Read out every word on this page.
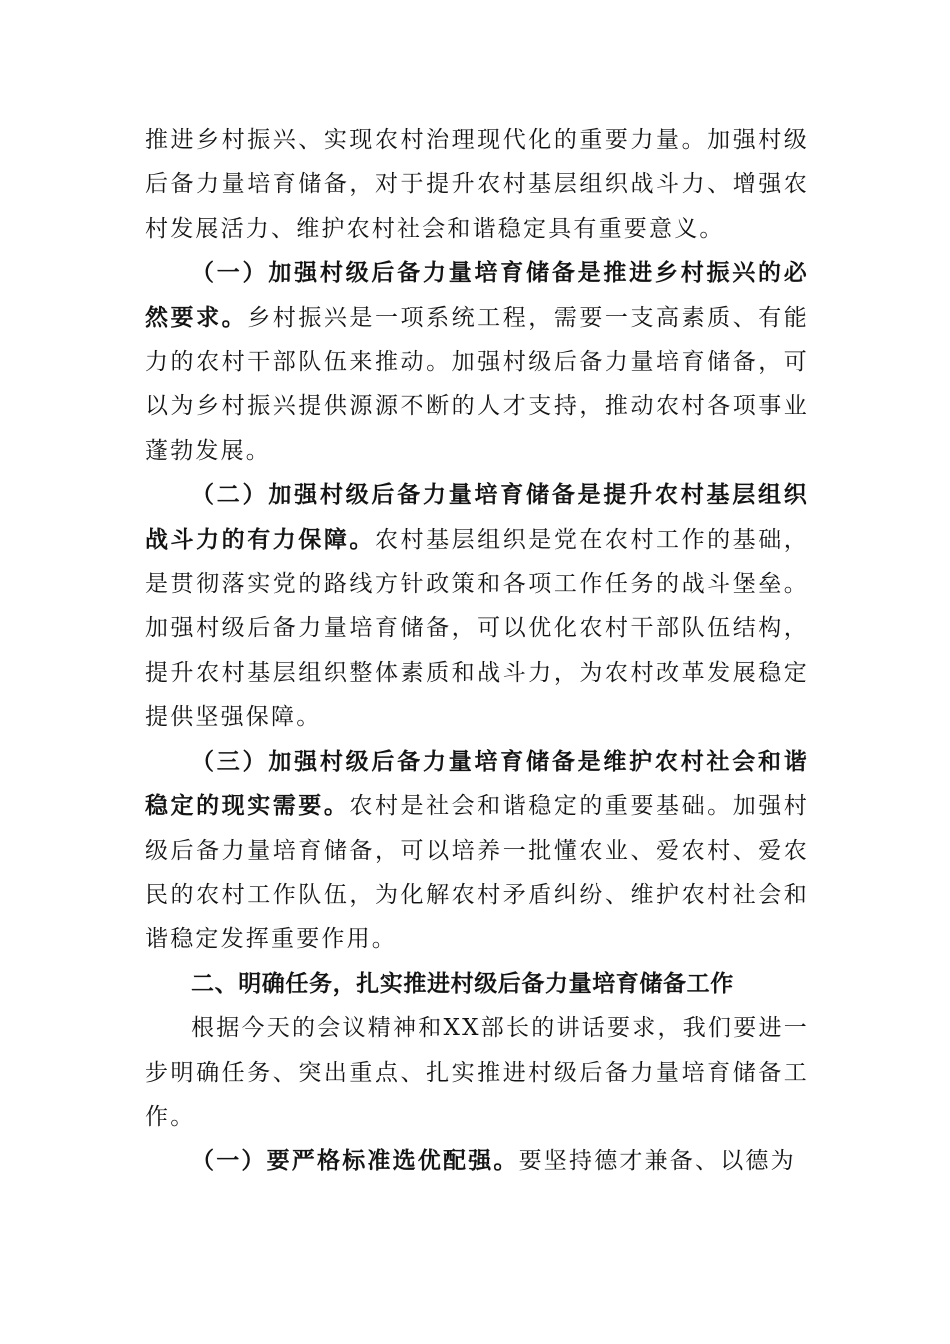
推进乡村振兴、实现农村治理现代化的重要力量。加强村级后备力量培育储备，对于提升农村基层组织战斗力、增强农村发展活力、维护农村社会和谐稳定具有重要意义。

（一）加强村级后备力量培育储备是推进乡村振兴的必然要求。乡村振兴是一项系统工程，需要一支高素质、有能力的农村干部队伍来推动。加强村级后备力量培育储备，可以为乡村振兴提供源源不断的人才支持，推动农村各项事业蓬勃发展。

（二）加强村级后备力量培育储备是提升农村基层组织战斗力的有力保障。农村基层组织是党在农村工作的基础，是贯彻落实党的路线方针政策和各项工作任务的战斗堡垒。加强村级后备力量培育储备，可以优化农村干部队伍结构，提升农村基层组织整体素质和战斗力，为农村改革发展稳定提供坚强保障。

（三）加强村级后备力量培育储备是维护农村社会和谐稳定的现实需要。农村是社会和谐稳定的重要基础。加强村级后备力量培育储备，可以培养一批懂农业、爱农村、爱农民的农村工作队伍，为化解农村矛盾纠纷、维护农村社会和谐稳定发挥重要作用。

二、明确任务，扎实推进村级后备力量培育储备工作

根据今天的会议精神和XX部长的讲话要求，我们要进一步明确任务、突出重点、扎实推进村级后备力量培育储备工作。

（一）要严格标准选优配强。要坚持德才兼备、以德为
